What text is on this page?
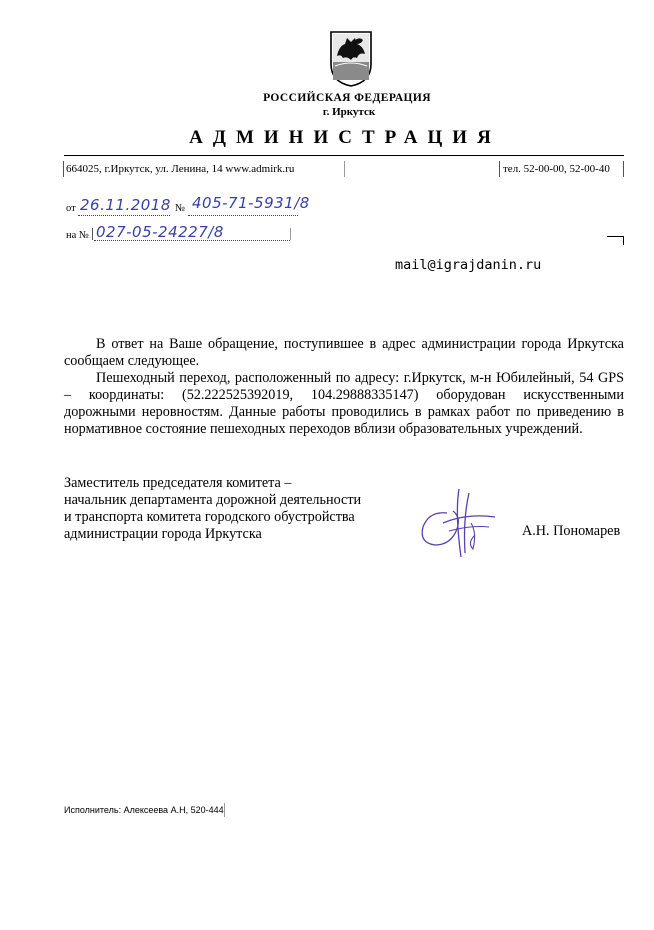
РОССИЙСКАЯ ФЕДЕРАЦИЯ
г. Иркутск
АДМИНИСТРАЦИЯ
664025, г.Иркутск, ул. Ленина, 14 www.admirk.ru	тел. 52-00-00, 52-00-40
от 26.11.2018 № 405-71-5931/8
на № 027-05-24227/8
mail@igrajdanin.ru

В ответ на Ваше обращение, поступившее в адрес администрации города Иркутска сообщаем следующее.

Пешеходный переход, расположенный по адресу: г.Иркутск, м-н Юбилейный, 54 GPS – координаты: (52.222525392019, 104.29888335147) оборудован искусственными дорожными неровностям. Данные работы проводились в рамках работ по приведению в нормативное состояние пешеходных переходов вблизи образовательных учреждений.

Заместитель председателя комитета –
начальник департамента дорожной деятельности
и транспорта комитета городского обустройства
администрации города Иркутска	А.Н. Пономарев
Исполнитель: Алексеева А.Н, 520-444
